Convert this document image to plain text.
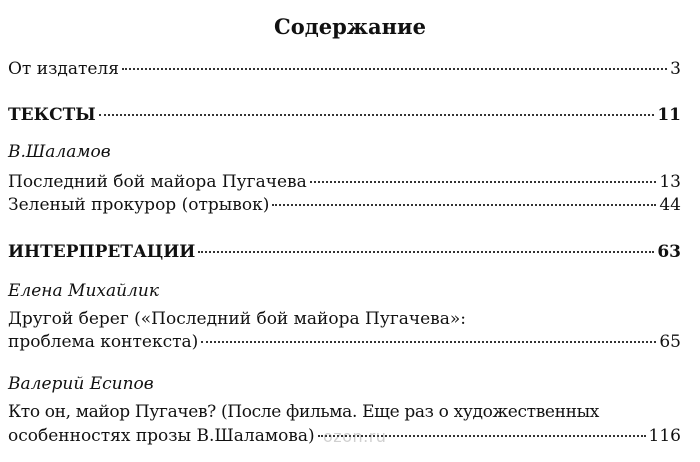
Содержание
От издателя	3
ТЕКСТЫ	11
В.Шаламов
Последний бой майора Пугачева	13
Зеленый прокурор (отрывок)	44
ИНТЕРПРЕТАЦИИ	63
Елена Михайлик
Другой берег («Последний бой майора Пугачева»:
проблема контекста)	65
Валерий Есипов
Кто он, майор Пугачев? (После фильма. Еще раз о художественных
особенностях прозы В.Шаламова)	116
ozon.ru
